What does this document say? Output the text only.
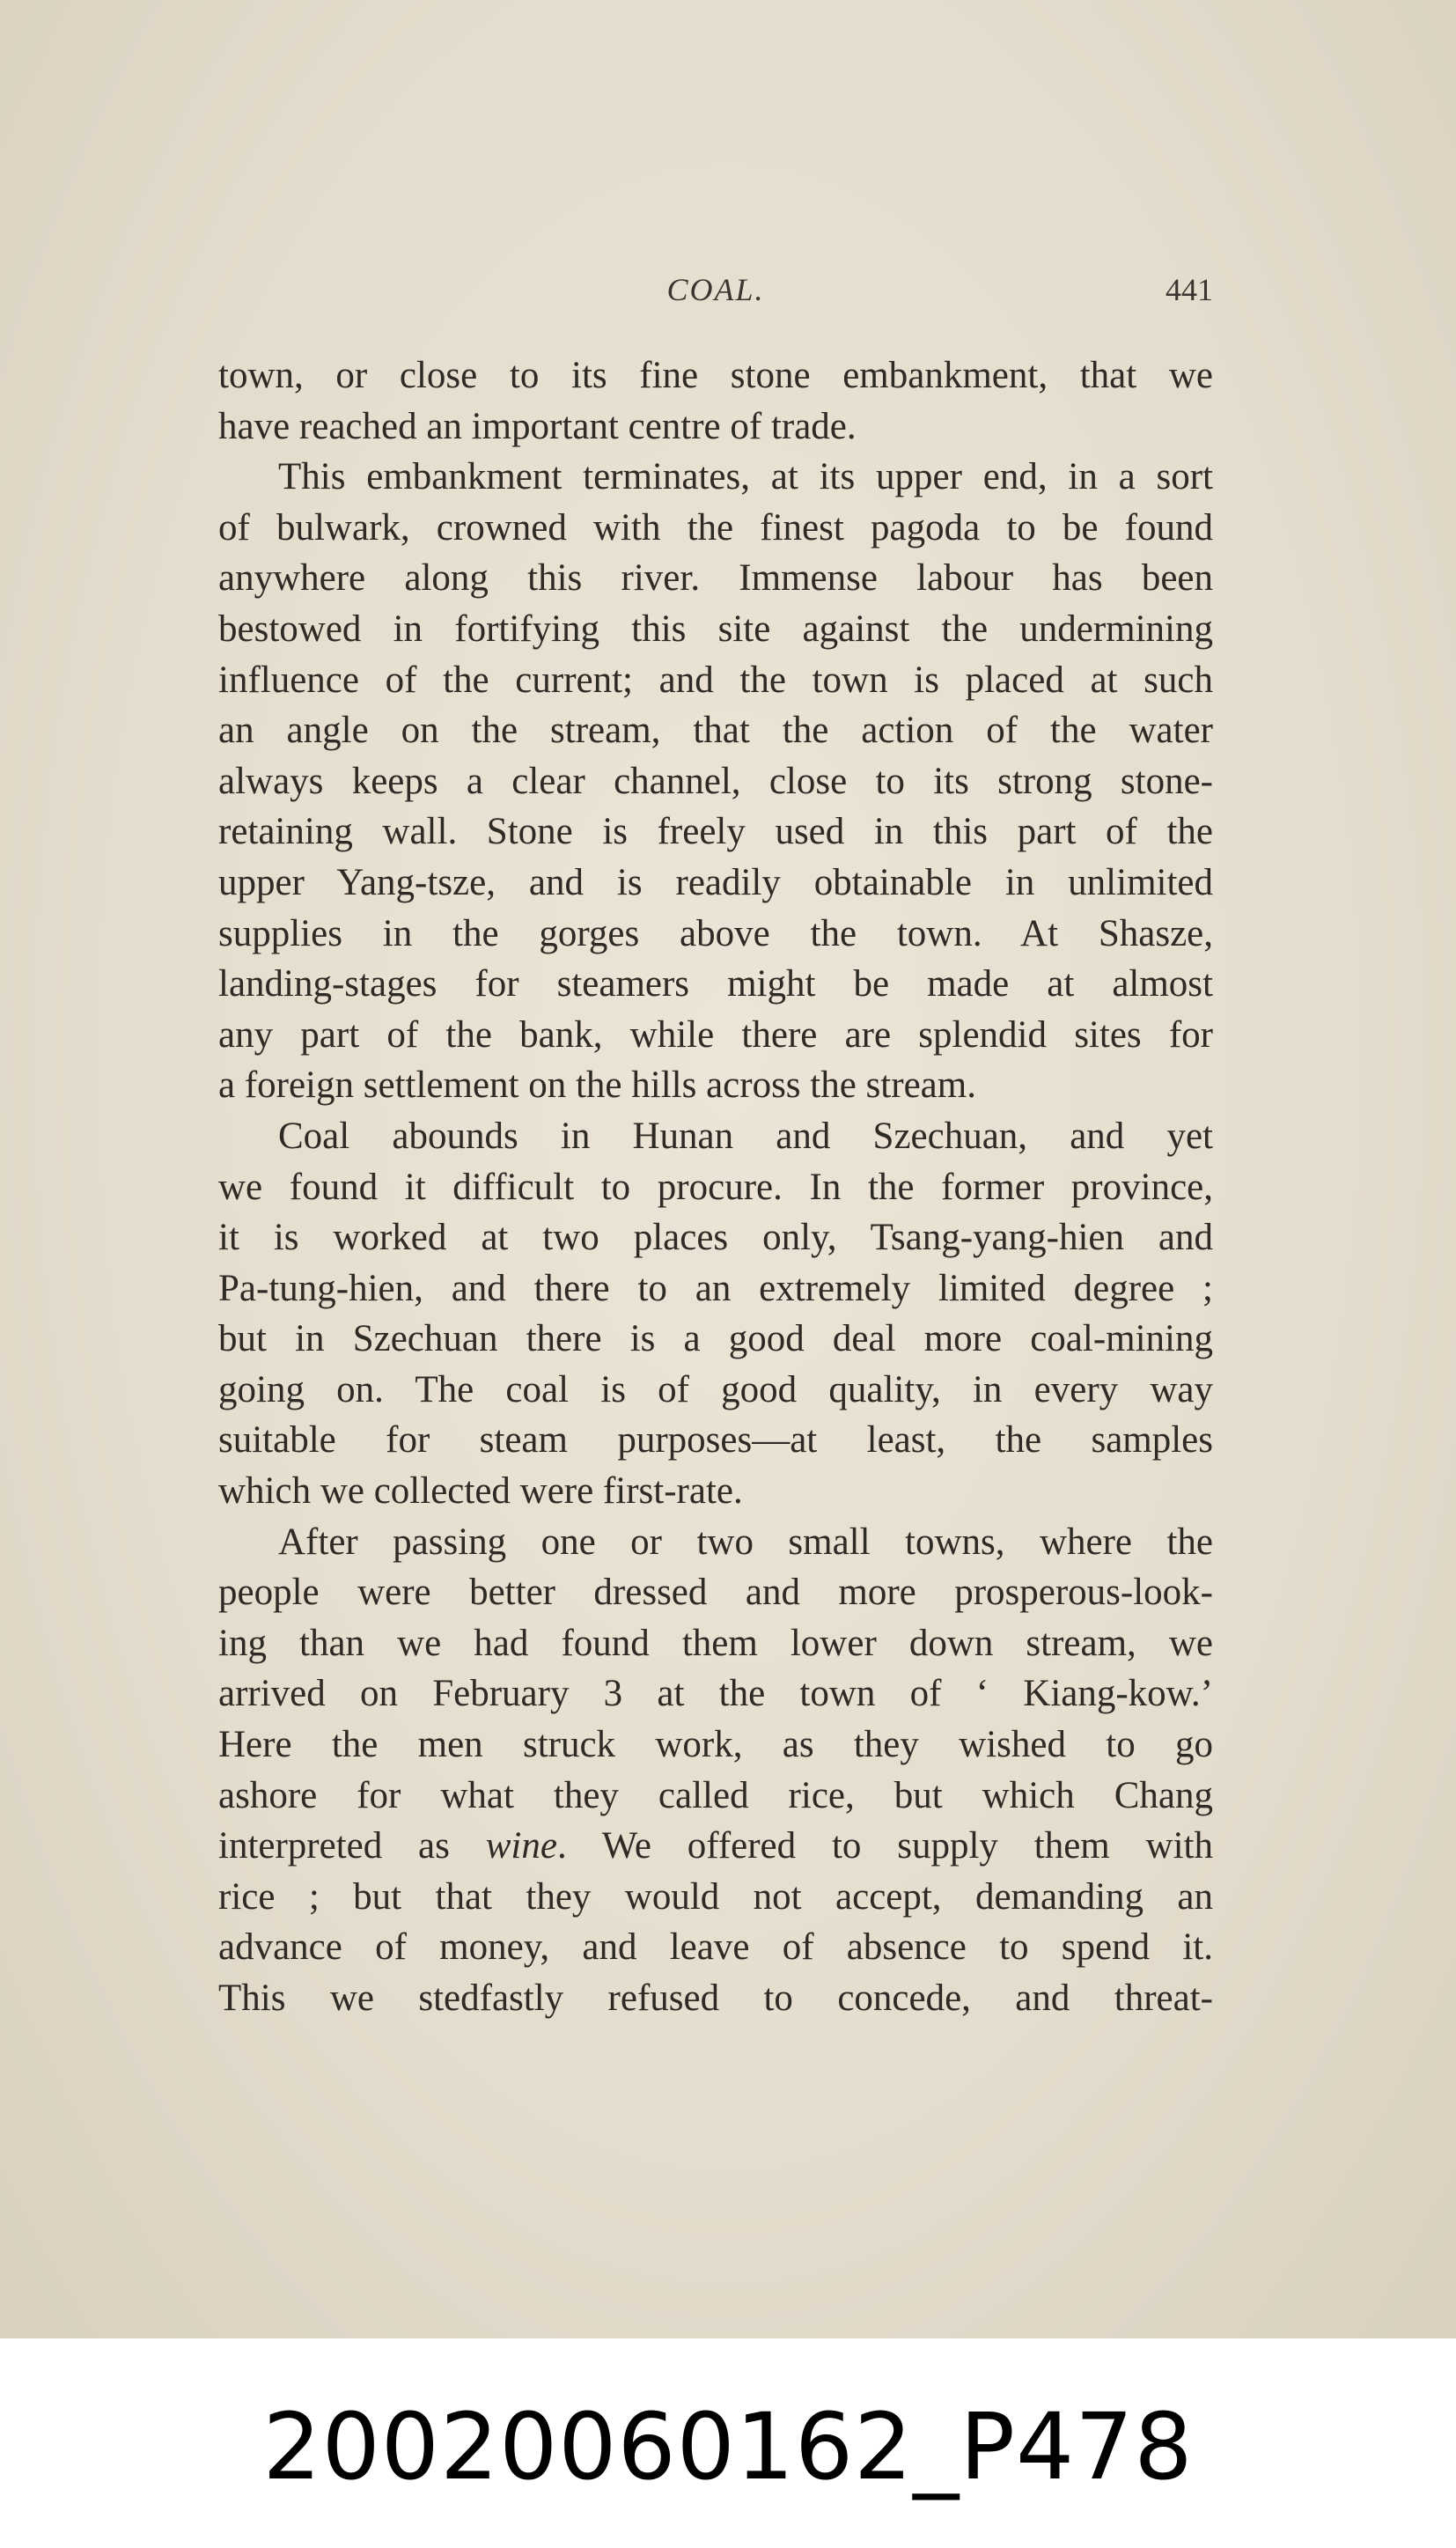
COAL.	441
town, or close to its fine stone embankment, that we
have reached an important centre of trade.
This embankment terminates, at its upper end, in a sort
of bulwark, crowned with the finest pagoda to be found
anywhere along this river. Immense labour has been
bestowed in fortifying this site against the undermining
influence of the current; and the town is placed at such
an angle on the stream, that the action of the water
always keeps a clear channel, close to its strong stone-
retaining wall. Stone is freely used in this part of the
upper Yang-tsze, and is readily obtainable in unlimited
supplies in the gorges above the town. At Shasze,
landing-stages for steamers might be made at almost
any part of the bank, while there are splendid sites for
a foreign settlement on the hills across the stream.
Coal abounds in Hunan and Szechuan, and yet
we found it difficult to procure. In the former province,
it is worked at two places only, Tsang-yang-hien and
Pa-tung-hien, and there to an extremely limited degree ;
but in Szechuan there is a good deal more coal-mining
going on. The coal is of good quality, in every way
suitable for steam purposes—at least, the samples
which we collected were first-rate.
After passing one or two small towns, where the
people were better dressed and more prosperous-look-
ing than we had found them lower down stream, we
arrived on February 3 at the town of ‘ Kiang-kow.’
Here the men struck work, as they wished to go
ashore for what they called rice, but which Chang
interpreted as wine. We offered to supply them with
rice ; but that they would not accept, demanding an
advance of money, and leave of absence to spend it.
This we stedfastly refused to concede, and threat-
20020060162_P478
